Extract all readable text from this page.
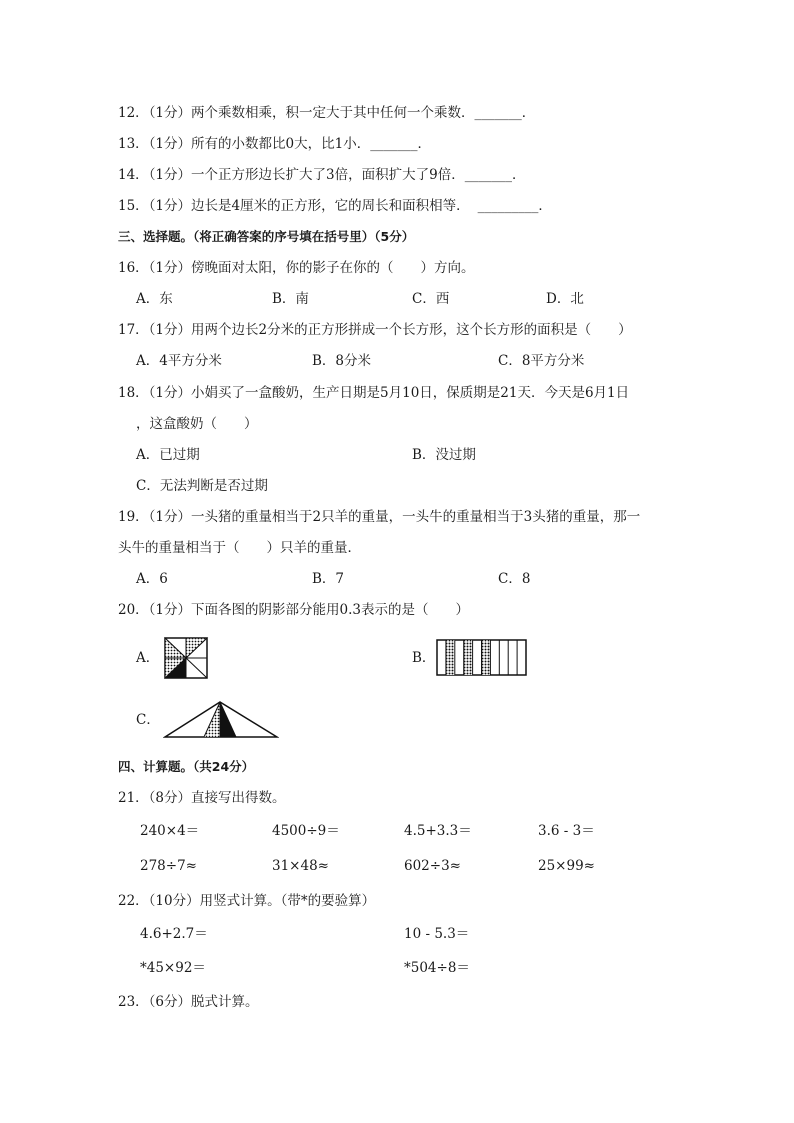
12．（1分）两个乘数相乘，积一定大于其中任何一个乘数．_______．
13．（1分）所有的小数都比0大，比1小．_______．
14．（1分）一个正方形边长扩大了3倍，面积扩大了9倍．_______．
15．（1分）边长是4厘米的正方形，它的周长和面积相等． _________．
三、选择题。（将正确答案的序号填在括号里）（5分）
16．（1分）傍晚面对太阳，你的影子在你的（　　）方向。
A．东	B．南	C．西	D．北
17．（1分）用两个边长2分米的正方形拼成一个长方形，这个长方形的面积是（　　）
A．4平方分米	B．8分米	C．8平方分米
18．（1分）小娟买了一盒酸奶，生产日期是5月10日，保质期是21天．今天是6月1日
，这盒酸奶（　　）
A．已过期	B．没过期
C．无法判断是否过期
19．（1分）一头猪的重量相当于2只羊的重量，一头牛的重量相当于3头猪的重量，那一
头牛的重量相当于（　　）只羊的重量．
A．6	B．7	C．8
20．（1分）下面各图的阴影部分能用0.3表示的是（　　）
A．	B．
C．
四、计算题。（共24分）
21．（8分）直接写出得数。
240×4＝	4500÷9＝	4.5+3.3＝	3.6 - 3＝
278÷7≈	31×48≈	602÷3≈	25×99≈
22．（10分）用竖式计算。（带*的要验算）
4.6+2.7＝	10 - 5.3＝
*45×92＝	*504÷8＝
23．（6分）脱式计算。
